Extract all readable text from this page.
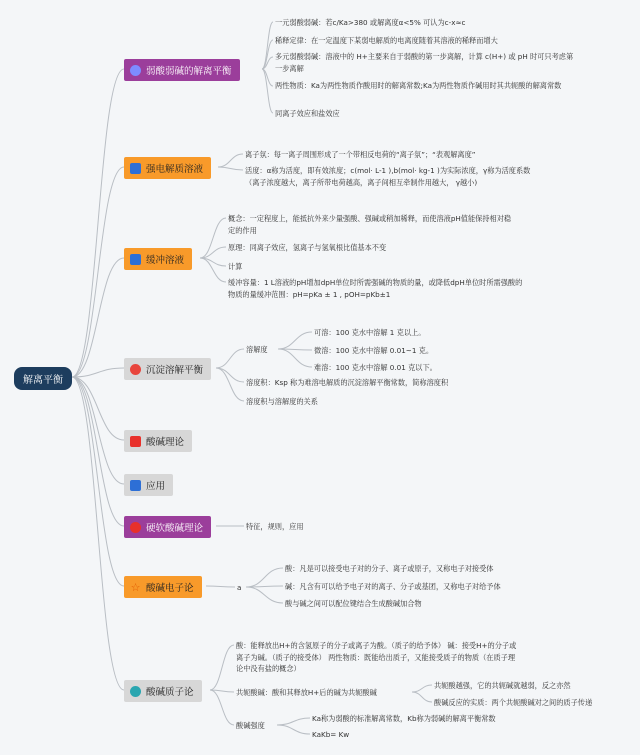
解离平衡
弱酸弱碱的解离平衡
一元弱酸弱碱：若c/Ka>380 或解离度α<5% 可认为c-x≈c
稀释定律：在一定温度下某弱电解质的电离度随着其溶液的稀释而增大
多元弱酸弱碱：溶液中的 H+主要来自于弱酸的第一步离解，计算 c(H+) 或 pH 时可只考虑第一步离解
两性物质：Ka为两性物质作酸用时的解离常数;Ka为两性物质作碱用时其共轭酸的解离常数
同离子效应和盐效应
强电解质溶液
离子氛：每一离子周围形成了一个带相反电荷的“离子氛”；“表观解离度”
活度：α称为活度，即有效浓度；c(mol· L-1 ),b(mol· kg-1 )为实际浓度，γ称为活度系数 （离子浓度越大，离子所带电荷越高，离子间相互牵制作用越大， γ越小)
缓冲溶液
概念：一定程度上，能抵抗外来少量强酸、强碱或稍加稀释，而使溶液pH值能保持相对稳定的作用
原理：同离子效应，氢离子与氢氧根比值基本不变
计算
缓冲容量：1 L溶液的pH增加dpH单位时所需强碱的物质的量，或降低dpH单位时所需强酸的物质的量缓冲范围：pH=pKa ± 1 , pOH=pKb±1
沉淀溶解平衡
溶解度
可溶：100 克水中溶解 1 克以上。
微溶：100 克水中溶解 0.01~1 克。
难溶：100 克水中溶解 0.01 克以下。
溶度积：Ksp 称为难溶电解质的沉淀溶解平衡常数，简称溶度积
溶度积与溶解度的关系
酸碱理论
应用
硬软酸碱理论	特征，规则，应用
☆ 酸碱电子论	a
酸：凡是可以接受电子对的分子、离子或原子，又称电子对接受体
碱：凡含有可以给予电子对的离子、分子或基团，又称电子对给予体
酸与碱之间可以配位键结合生成酸碱加合物
酸碱质子论
酸：能释放出H+的含氢原子的分子或离子为酸。（质子的给予体） 碱：接受H+的分子或离子为碱。（质子的接受体） 两性物质：既能给出质子，又能接受质子的物质（在质子理论中没有盐的概念）
共轭酸碱：酸和其释放H+后的碱为共轭酸碱
共轭酸越强，它的共轭碱就越弱，反之亦然
酸碱反应的实质：两个共轭酸碱对之间的质子传递
酸碱强度
Ka称为弱酸的标准解离常数，Kb称为弱碱的解离平衡常数
KaKb= Kw
